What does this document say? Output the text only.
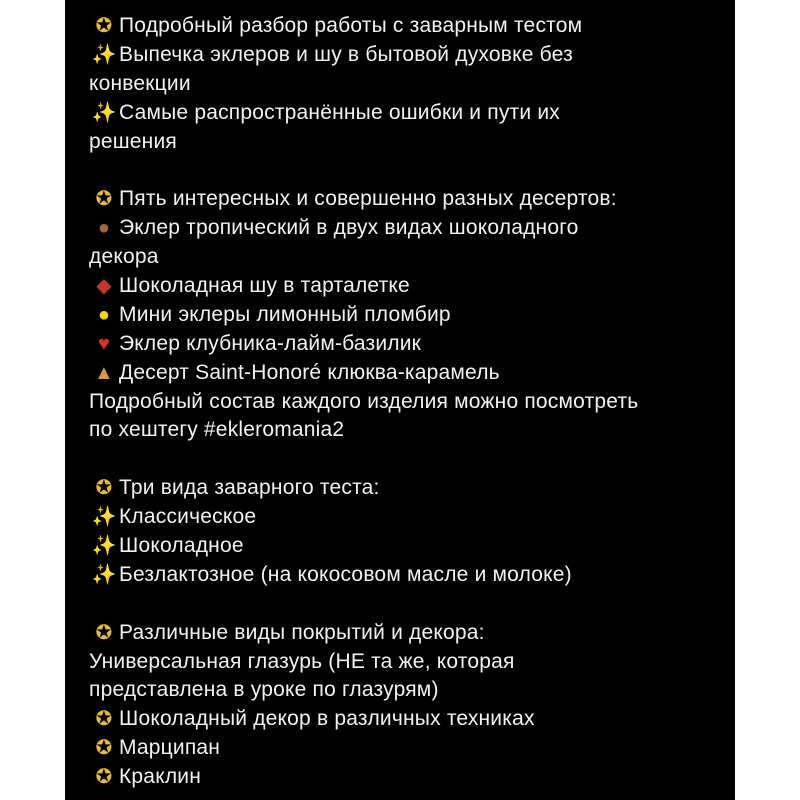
✪ Подробный разбор работы с заварным тестом
✨ Выпечка эклеров и шу в бытовой духовке без
конвекции
✨ Самые распространённые ошибки и пути их
решения
✪ Пять интересных и совершенно разных десертов:
● Эклер тропический в двух видах шоколадного
декора
◆ Шоколадная шу в тарталетке
● Мини эклеры лимонный пломбир
♥ Эклер клубника-лайм-базилик
▲ Десерт Saint-Honoré клюква-карамель
Подробный состав каждого изделия можно посмотреть
по хештегу #ekleromania2
✪ Три вида заварного теста:
✨ Классическое
✨ Шоколадное
✨ Безлактозное (на кокосовом масле и молоке)
✪ Различные виды покрытий и декора:
Универсальная глазурь (НЕ та же, которая
представлена в уроке по глазурям)
✪ Шоколадный декор в различных техниках
✪ Марципан
✪ Краклин
